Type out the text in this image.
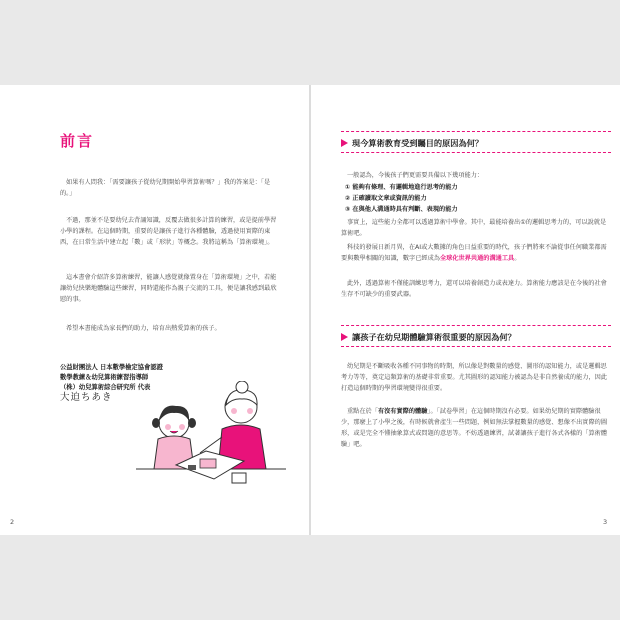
前言
如果有人問我：「需要讓孩子從幼兒期開始學習算術嗎？」我的答案是：「是的。」
不過，那並不是要幼兒去背誦知識，反覆去做很多計算的練習，或是提前學習小學的課程。在這個時期，重要的是讓孩子進行各種體驗，透過使用實際的東西，在日常生活中建立起「數」或「形狀」等概念。我將這稱為「算術環境」。
這本書會介紹許多算術練習，能讓人感覺就像置身在「算術環境」之中，若能讓幼兒快樂地體驗這些練習，同時還能作為親子交流的工具，便是讓我感到最欣慰的事。
希望本書能成為家長們的助力，培育出熱愛算術的孩子。
公益財團法人 日本數學檢定協會認證
數學教練＆幼兒算術練習指導師
（株）幼兒算術綜合研究所 代表
大迫ちあき
2
現今算術教育受到矚目的原因為何？
一般認為，今後孩子們更需要具備以下幾項能力：
① 能夠有條理、有邏輯地進行思考的能力
② 正確讀取文章或資訊的能力
③ 在與他人溝通時具有判斷、表現的能力
事實上，這些能力全都可以透過算術中學會。其中，最能培養出①的邏輯思考力的，可以說就是算術吧。
科技的發展日新月異，在AI或大數據的角色日益重要的時代，孩子們將來不論從事任何職業都需要與數學相關的知識，數字已經成為全球化世界共通的溝通工具。
此外，透過算術不僅能訓練思考力，還可以培養創造力或表達力。算術能力應該是在今後的社會生存不可缺少的重要武器。
讓孩子在幼兒期體驗算術很重要的原因為何？
幼兒期是不斷吸收各種不同事物的時期，所以像是對數量的感覺、圖形的認知能力，或是邏輯思考力等等，奠定這類算術的基礎非常重要。尤其圖形的認知能力被認為是非自然養成的能力，因此打造這個時期的學習環境變得很重要。
重點在於「有沒有實際的體驗」。「試卷學習」在這個時期沒有必要。如果幼兒期的實際體驗很少，那麼上了小學之後，有時候就會產生一些問題，例如無法掌握數量的感覺、想像不出實際的圖形，或是完全不懂抽象算式或問題的意思等。不妨透過練習，試著讓孩子進行各式各樣的「算術體驗」吧。
3
